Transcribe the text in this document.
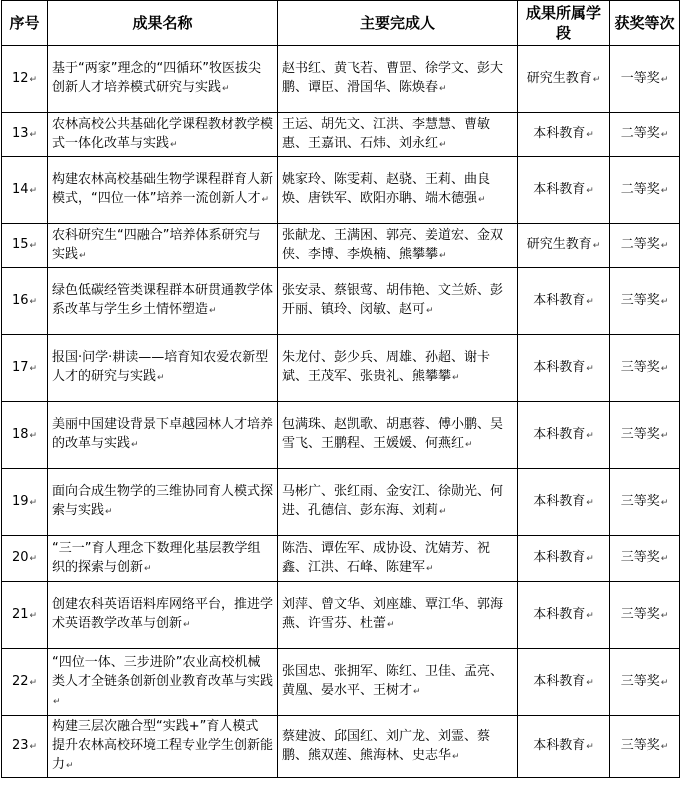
序号	成果名称	主要完成人	成果所属学段	获奖等次
12↵	基于“两家”理念的“四循环”牧医拔尖创新人才培养模式研究与实践↵	赵书红、黄飞若、曹罡、徐学文、彭大鹏、谭臣、滑国华、陈焕春↵	研究生教育↵	一等奖↵
13↵	农林高校公共基础化学课程教材教学模式一体化改革与实践↵	王运、胡先文、江洪、李慧慧、曹敏惠、王嘉讯、石炜、刘永红↵	本科教育↵	二等奖↵
14↵	构建农林高校基础生物学课程群育人新模式，“四位一体”培养一流创新人才↵	姚家玲、陈雯莉、赵骁、王莉、曲良焕、唐铁军、欧阳亦聃、端木德强↵	本科教育↵	二等奖↵
15↵	农科研究生“四融合”培养体系研究与实践↵	张献龙、王满困、郭亮、姜道宏、金双侠、李博、李焕楠、熊攀攀↵	研究生教育↵	二等奖↵
16↵	绿色低碳经管类课程群本研贯通教学体系改革与学生乡土情怀塑造↵	张安录、蔡银莺、胡伟艳、文兰娇、彭开丽、镇玲、闵敏、赵可↵	本科教育↵	三等奖↵
17↵	报国·问学·耕读——培育知农爱农新型人才的研究与实践↵	朱龙付、彭少兵、周雄、孙超、谢卡斌、王茂军、张贵礼、熊攀攀↵	本科教育↵	三等奖↵
18↵	美丽中国建设背景下卓越园林人才培养的改革与实践↵	包满珠、赵凯歌、胡惠蓉、傅小鹏、吴雪飞、王鹏程、王媛媛、何燕红↵	本科教育↵	三等奖↵
19↵	面向合成生物学的三维协同育人模式探索与实践↵	马彬广、张红雨、金安江、徐勋光、何进、孔德信、彭东海、刘莉↵	本科教育↵	三等奖↵
20↵	“三一”育人理念下数理化基层教学组织的探索与创新↵	陈浩、谭佐军、成协设、沈婧芳、祝鑫、江洪、石峰、陈建军↵	本科教育↵	三等奖↵
21↵	创建农科英语语料库网络平台，推进学术英语教学改革与创新↵	刘萍、曾文华、刘座雄、覃江华、郭海燕、许雪芬、杜蕾↵	本科教育↵	三等奖↵
22↵	“四位一体、三步进阶”农业高校机械类人才全链条创新创业教育改革与实践↵	张国忠、张拥军、陈红、卫佳、孟亮、黄凰、晏水平、王树才↵	本科教育↵	三等奖↵
23↵	构建三层次融合型“实践+”育人模式 提升农林高校环境工程专业学生创新能力↵	蔡建波、邱国红、刘广龙、刘霊、蔡鹏、熊双莲、熊海林、史志华↵	本科教育↵	三等奖↵
